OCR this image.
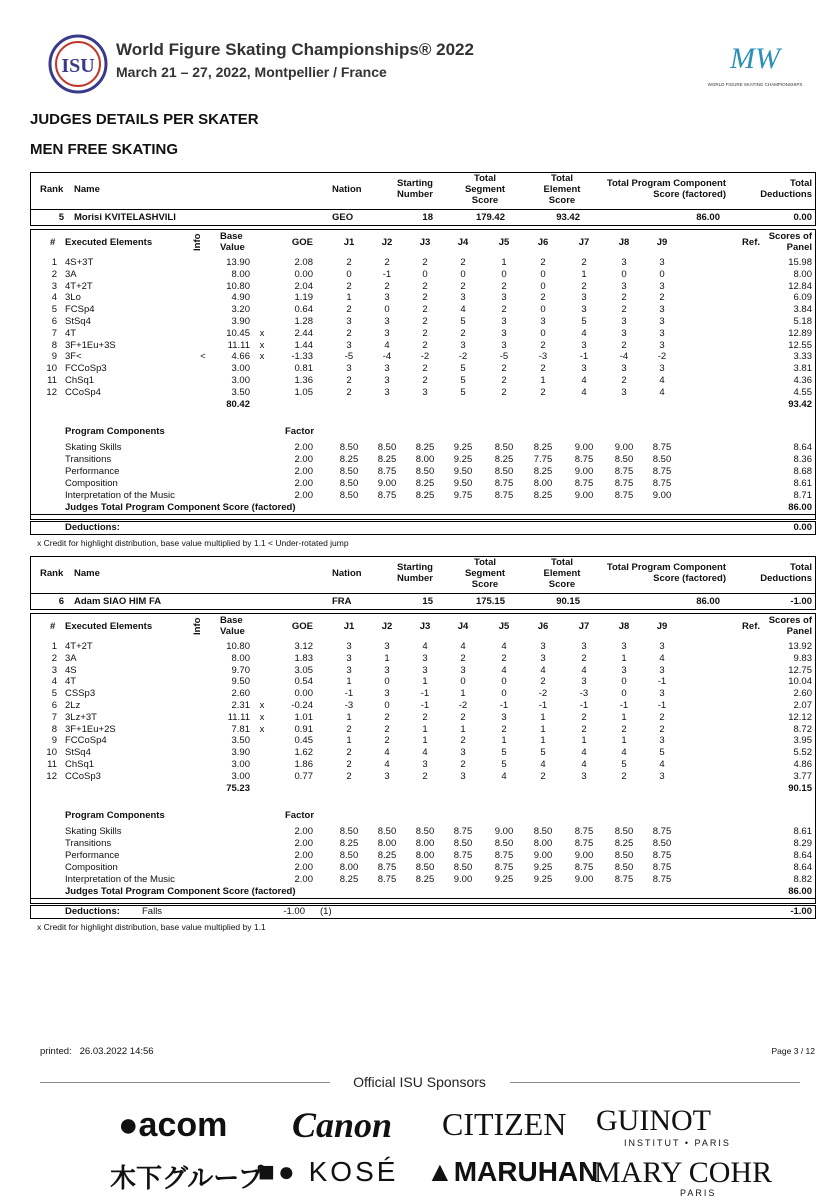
ISU
World Figure Skating Championships® 2022
March 21 – 27, 2022, Montpellier / France	MW
WORLD FIGURE SKATING CHAMPIONSHIPS
JUDGES DETAILS PER SKATER
MEN FREE SKATING
Rank Name	Nation
Starting
Number
Total
Segment
Score
Total
Element
Score
Total Program Component
Score (factored)
Total
Deductions
5 Morisi KVITELASHVILI	GEO	18	179.42	93.42	86.00	0.00
# Executed Elements	Info Base
Value	GOE	J1	J2	J3	J4	J5	J6	J7	J8	J9	Ref.
Scores of
Panel
1 4S+3T	13.90	2.08	2	2	2	2	1	2	2	3	3	15.98
2 3A	8.00	0.00	0	-1	0	0	0	0	1	0	0	8.00
3 4T+2T	10.80	2.04	2	2	2	2	2	0	2	3	3	12.84
4 3Lo	4.90	1.19	1	3	2	3	3	2	3	2	2	6.09
5 FCSp4	3.20	0.64	2	0	2	4	2	0	3	2	3	3.84
6 StSq4	3.90	1.28	3	3	2	5	3	3	5	3	3	5.18
7 4T	10.45 x	2.44	2	3	2	2	3	0	4	3	3	12.89
8 3F+1Eu+3S	11.11 x	1.44	3	4	2	3	3	2	3	2	3	12.55
9 3F<	<	4.66 x	-1.33	-5	-4	-2	-2	-5	-3	-1	-4	-2	3.33
10 FCCoSp3	3.00	0.81	3	3	2	5	2	2	3	3	3	3.81
11 ChSq1	3.00	1.36	2	3	2	5	2	1	4	2	4	4.36
12 CCoSp4	3.50	1.05	2	3	3	5	2	2	4	3	4	4.55
80.42	93.42
Program Components	Factor
Skating Skills	2.00	8.50	8.50	8.25	9.25	8.50	8.25	9.00	9.00	8.75	8.64
Transitions	2.00	8.25	8.25	8.00	9.25	8.25	7.75	8.75	8.50	8.50	8.36
Performance	2.00	8.50	8.75	8.50	9.50	8.50	8.25	9.00	8.75	8.75	8.68
Composition	2.00	8.50	9.00	8.25	9.50	8.75	8.00	8.75	8.75	8.75	8.61
Interpretation of the Music	2.00	8.50	8.75	8.25	9.75	8.75	8.25	9.00	8.75	9.00	8.71
Judges Total Program Component Score (factored)	86.00
Deductions:	0.00
x Credit for highlight distribution, base value multiplied by 1.1 < Under-rotated jump
Rank Name	Nation
Starting
Number
Total
Segment
Score
Total
Element
Score
Total Program Component
Score (factored)
Total
Deductions
6 Adam SIAO HIM FA	FRA	15	175.15	90.15	86.00	-1.00
# Executed Elements	Info Base
Value	GOE	J1	J2	J3	J4	J5	J6	J7	J8	J9	Ref.
Scores of
Panel
1 4T+2T	10.80	3.12	3	3	4	4	4	3	3	3	3	13.92
2 3A	8.00	1.83	3	1	3	2	2	3	2	1	4	9.83
3 4S	9.70	3.05	3	3	3	3	4	4	4	3	3	12.75
4 4T	9.50	0.54	1	0	1	0	0	2	3	0	-1	10.04
5 CSSp3	2.60	0.00	-1	3	-1	1	0	-2	-3	0	3	2.60
6 2Lz	2.31 x	-0.24	-3	0	-1	-2	-1	-1	-1	-1	-1	2.07
7 3Lz+3T	11.11 x	1.01	1	2	2	2	3	1	2	1	2	12.12
8 3F+1Eu+2S	7.81 x	0.91	2	2	1	1	2	1	2	2	2	8.72
9 FCCoSp4	3.50	0.45	1	2	1	2	1	1	1	1	3	3.95
10 StSq4	3.90	1.62	2	4	4	3	5	5	4	4	5	5.52
11 ChSq1	3.00	1.86	2	4	3	2	5	4	4	5	4	4.86
12 CCoSp3	3.00	0.77	2	3	2	3	4	2	3	2	3	3.77
75.23	90.15
Program Components	Factor
Skating Skills	2.00	8.50	8.50	8.50	8.75	9.00	8.50	8.75	8.50	8.75	8.61
Transitions	2.00	8.25	8.00	8.00	8.50	8.50	8.00	8.75	8.25	8.50	8.29
Performance	2.00	8.50	8.25	8.00	8.75	8.75	9.00	9.00	8.50	8.75	8.64
Composition	2.00	8.00	8.75	8.50	8.50	8.75	9.25	8.75	8.50	8.75	8.64
Interpretation of the Music	2.00	8.25	8.75	8.25	9.00	9.25	9.25	9.00	8.75	8.75	8.82
Judges Total Program Component Score (factored)	86.00
Deductions: Falls	-1.00 (1)	-1.00
x Credit for highlight distribution, base value multiplied by 1.1
printed: 26.03.2022 14:56	Page 3 / 12
Official ISU Sponsors
●acom Canon CITIZEN GUINOT
INSTITUT • PARIS
木下グループ
■● KOSÉ ▲MARUHAN
MARY COHR
PARIS
